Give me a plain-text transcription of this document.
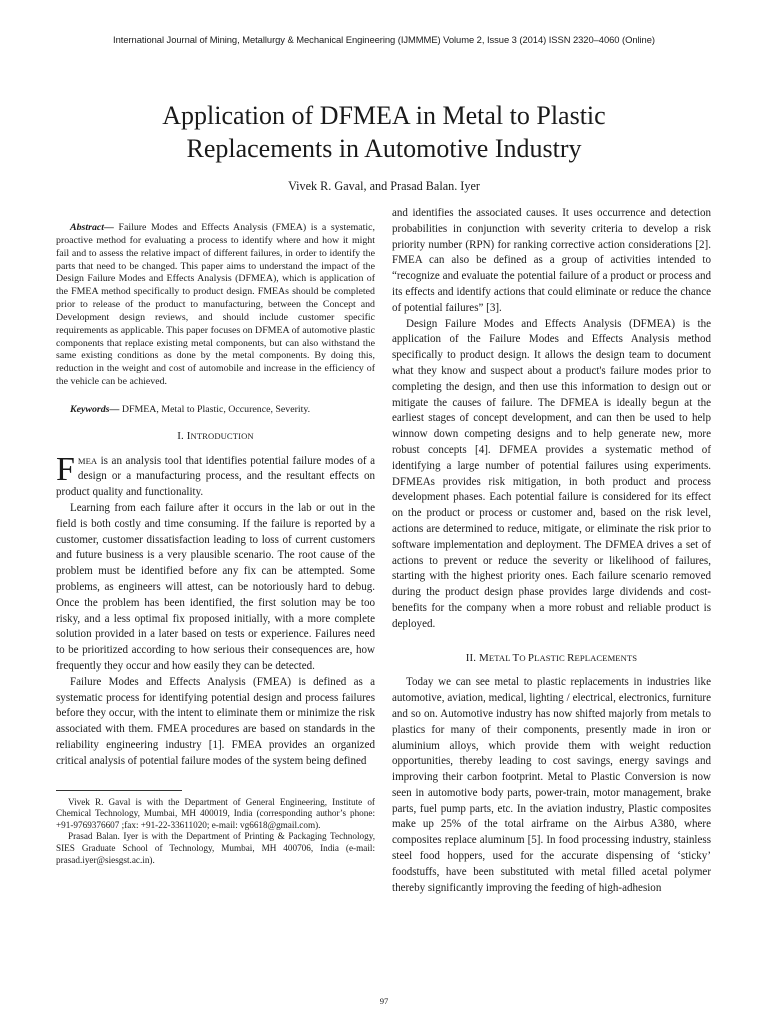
International Journal of Mining, Metallurgy & Mechanical Engineering (IJMMME) Volume 2, Issue 3 (2014) ISSN 2320–4060 (Online)
Application of DFMEA in Metal to Plastic
Replacements in Automotive Industry
Vivek R. Gaval, and Prasad Balan. Iyer

Abstract— Failure Modes and Effects Analysis (FMEA) is a systematic, proactive method for evaluating a process to identify where and how it might fail and to assess the relative impact of different failures, in order to identify the parts that need to be changed. This paper aims to understand the impact of the Design Failure Modes and Effects Analysis (DFMEA), which is application of the FMEA method specifically to product design. FMEAs should be completed prior to release of the product to manufacturing, between the Concept and Development design reviews, and should include customer specific requirements as applicable. This paper focuses on DFMEA of automotive plastic components that replace existing metal components, but can also withstand the same existing conditions as done by the metal components. By doing this, reduction in the weight and cost of automobile and increase in the efficiency of the vehicle can be achieved.

Keywords— DFMEA, Metal to Plastic, Occurence, Severity.

I. INTRODUCTION

FMEA is an analysis tool that identifies potential failure modes of a design or a manufacturing process, and the resultant effects on product quality and functionality.

Learning from each failure after it occurs in the lab or out in the field is both costly and time consuming. If the failure is reported by a customer, customer dissatisfaction leading to loss of current customers and future business is a very plausible scenario. The root cause of the problem must be identified before any fix can be attempted. Some problems, as engineers will attest, can be notoriously hard to debug. Once the problem has been identified, the first solution may be too risky, and a less optimal fix proposed initially, with a more complete solution provided in a later based on tests or experience. Failures need to be prioritized according to how serious their consequences are, how frequently they occur and how easily they can be detected.

Failure Modes and Effects Analysis (FMEA) is defined as a systematic process for identifying potential design and process failures before they occur, with the intent to eliminate them or minimize the risk associated with them. FMEA procedures are based on standards in the reliability engineering industry [1]. FMEA provides an organized critical analysis of potential failure modes of the system being defined

Vivek R. Gaval is with the Department of General Engineering, Institute of Chemical Technology, Mumbai, MH 400019, India (corresponding author’s phone: +91-9769376607 ;fax: +91-22-33611020; e-mail: vg6618@gmail.com).

Prasad Balan. Iyer is with the Department of Printing & Packaging Technology, SIES Graduate School of Technology, Mumbai, MH 400706, India (e-mail: prasad.iyer@siesgst.ac.in).

and identifies the associated causes. It uses occurrence and detection probabilities in conjunction with severity criteria to develop a risk priority number (RPN) for ranking corrective action considerations [2]. FMEA can also be defined as a group of activities intended to “recognize and evaluate the potential failure of a product or process and its effects and identify actions that could eliminate or reduce the chance of potential failures” [3].

Design Failure Modes and Effects Analysis (DFMEA) is the application of the Failure Modes and Effects Analysis method specifically to product design. It allows the design team to document what they know and suspect about a product's failure modes prior to completing the design, and then use this information to design out or mitigate the causes of failure. The DFMEA is ideally begun at the earliest stages of concept development, and can then be used to help winnow down competing designs and to help generate new, more robust concepts [4]. DFMEA provides a systematic method of identifying a large number of potential failures using experiments. DFMEAs provides risk mitigation, in both product and process development phases. Each potential failure is considered for its effect on the product or process or customer and, based on the risk level, actions are determined to reduce, mitigate, or eliminate the risk prior to software implementation and deployment. The DFMEA drives a set of actions to prevent or reduce the severity or likelihood of failures, starting with the highest priority ones. Each failure scenario removed during the product design phase provides large dividends and cost-benefits for the company when a more robust and reliable product is deployed.

II. METAL TO PLASTIC REPLACEMENTS

Today we can see metal to plastic replacements in industries like automotive, aviation, medical, lighting / electrical, electronics, furniture and so on. Automotive industry has now shifted majorly from metals to plastics for many of their components, presently made in iron or aluminium alloys, which provide them with weight reduction opportunities, thereby leading to cost savings, energy savings and improving their carbon footprint. Metal to Plastic Conversion is now seen in automotive body parts, power-train, motor management, brake parts, fuel pump parts, etc. In the aviation industry, Plastic composites make up 25% of the total airframe on the Airbus A380, where composites replace aluminum [5]. In food processing industry, stainless steel food hoppers, used for the accurate dispensing of ‘sticky’ foodstuffs, have been substituted with metal filled acetal polymer thereby significantly improving the feeding of high-adhesion

97
